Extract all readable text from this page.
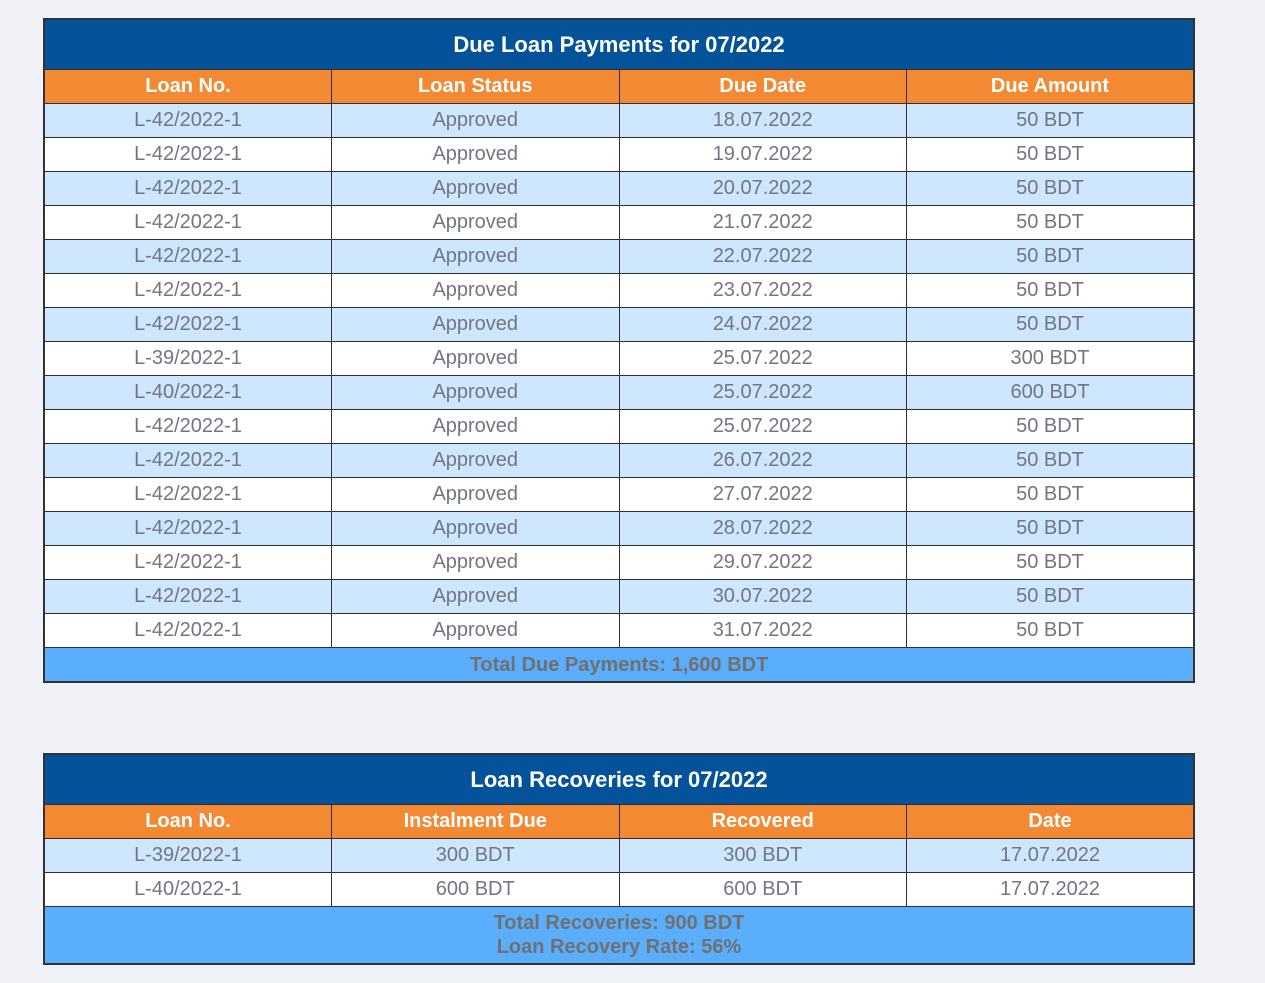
Due Loan Payments for 07/2022			
Loan No.	Loan Status	Due Date	Due Amount
L-42/2022-1	Approved	18.07.2022	50 BDT
L-42/2022-1	Approved	19.07.2022	50 BDT
L-42/2022-1	Approved	20.07.2022	50 BDT
L-42/2022-1	Approved	21.07.2022	50 BDT
L-42/2022-1	Approved	22.07.2022	50 BDT
L-42/2022-1	Approved	23.07.2022	50 BDT
L-42/2022-1	Approved	24.07.2022	50 BDT
L-39/2022-1	Approved	25.07.2022	300 BDT
L-40/2022-1	Approved	25.07.2022	600 BDT
L-42/2022-1	Approved	25.07.2022	50 BDT
L-42/2022-1	Approved	26.07.2022	50 BDT
L-42/2022-1	Approved	27.07.2022	50 BDT
L-42/2022-1	Approved	28.07.2022	50 BDT
L-42/2022-1	Approved	29.07.2022	50 BDT
L-42/2022-1	Approved	30.07.2022	50 BDT
L-42/2022-1	Approved	31.07.2022	50 BDT

Total Due Payments: 1,600 BDT			
Loan Recoveries for 07/2022			
Loan No.	Instalment Due	Recovered	Date
L-39/2022-1	300 BDT	300 BDT	17.07.2022
L-40/2022-1	600 BDT	600 BDT	17.07.2022

Total Recoveries: 900 BDT
Loan Recovery Rate: 56%			
